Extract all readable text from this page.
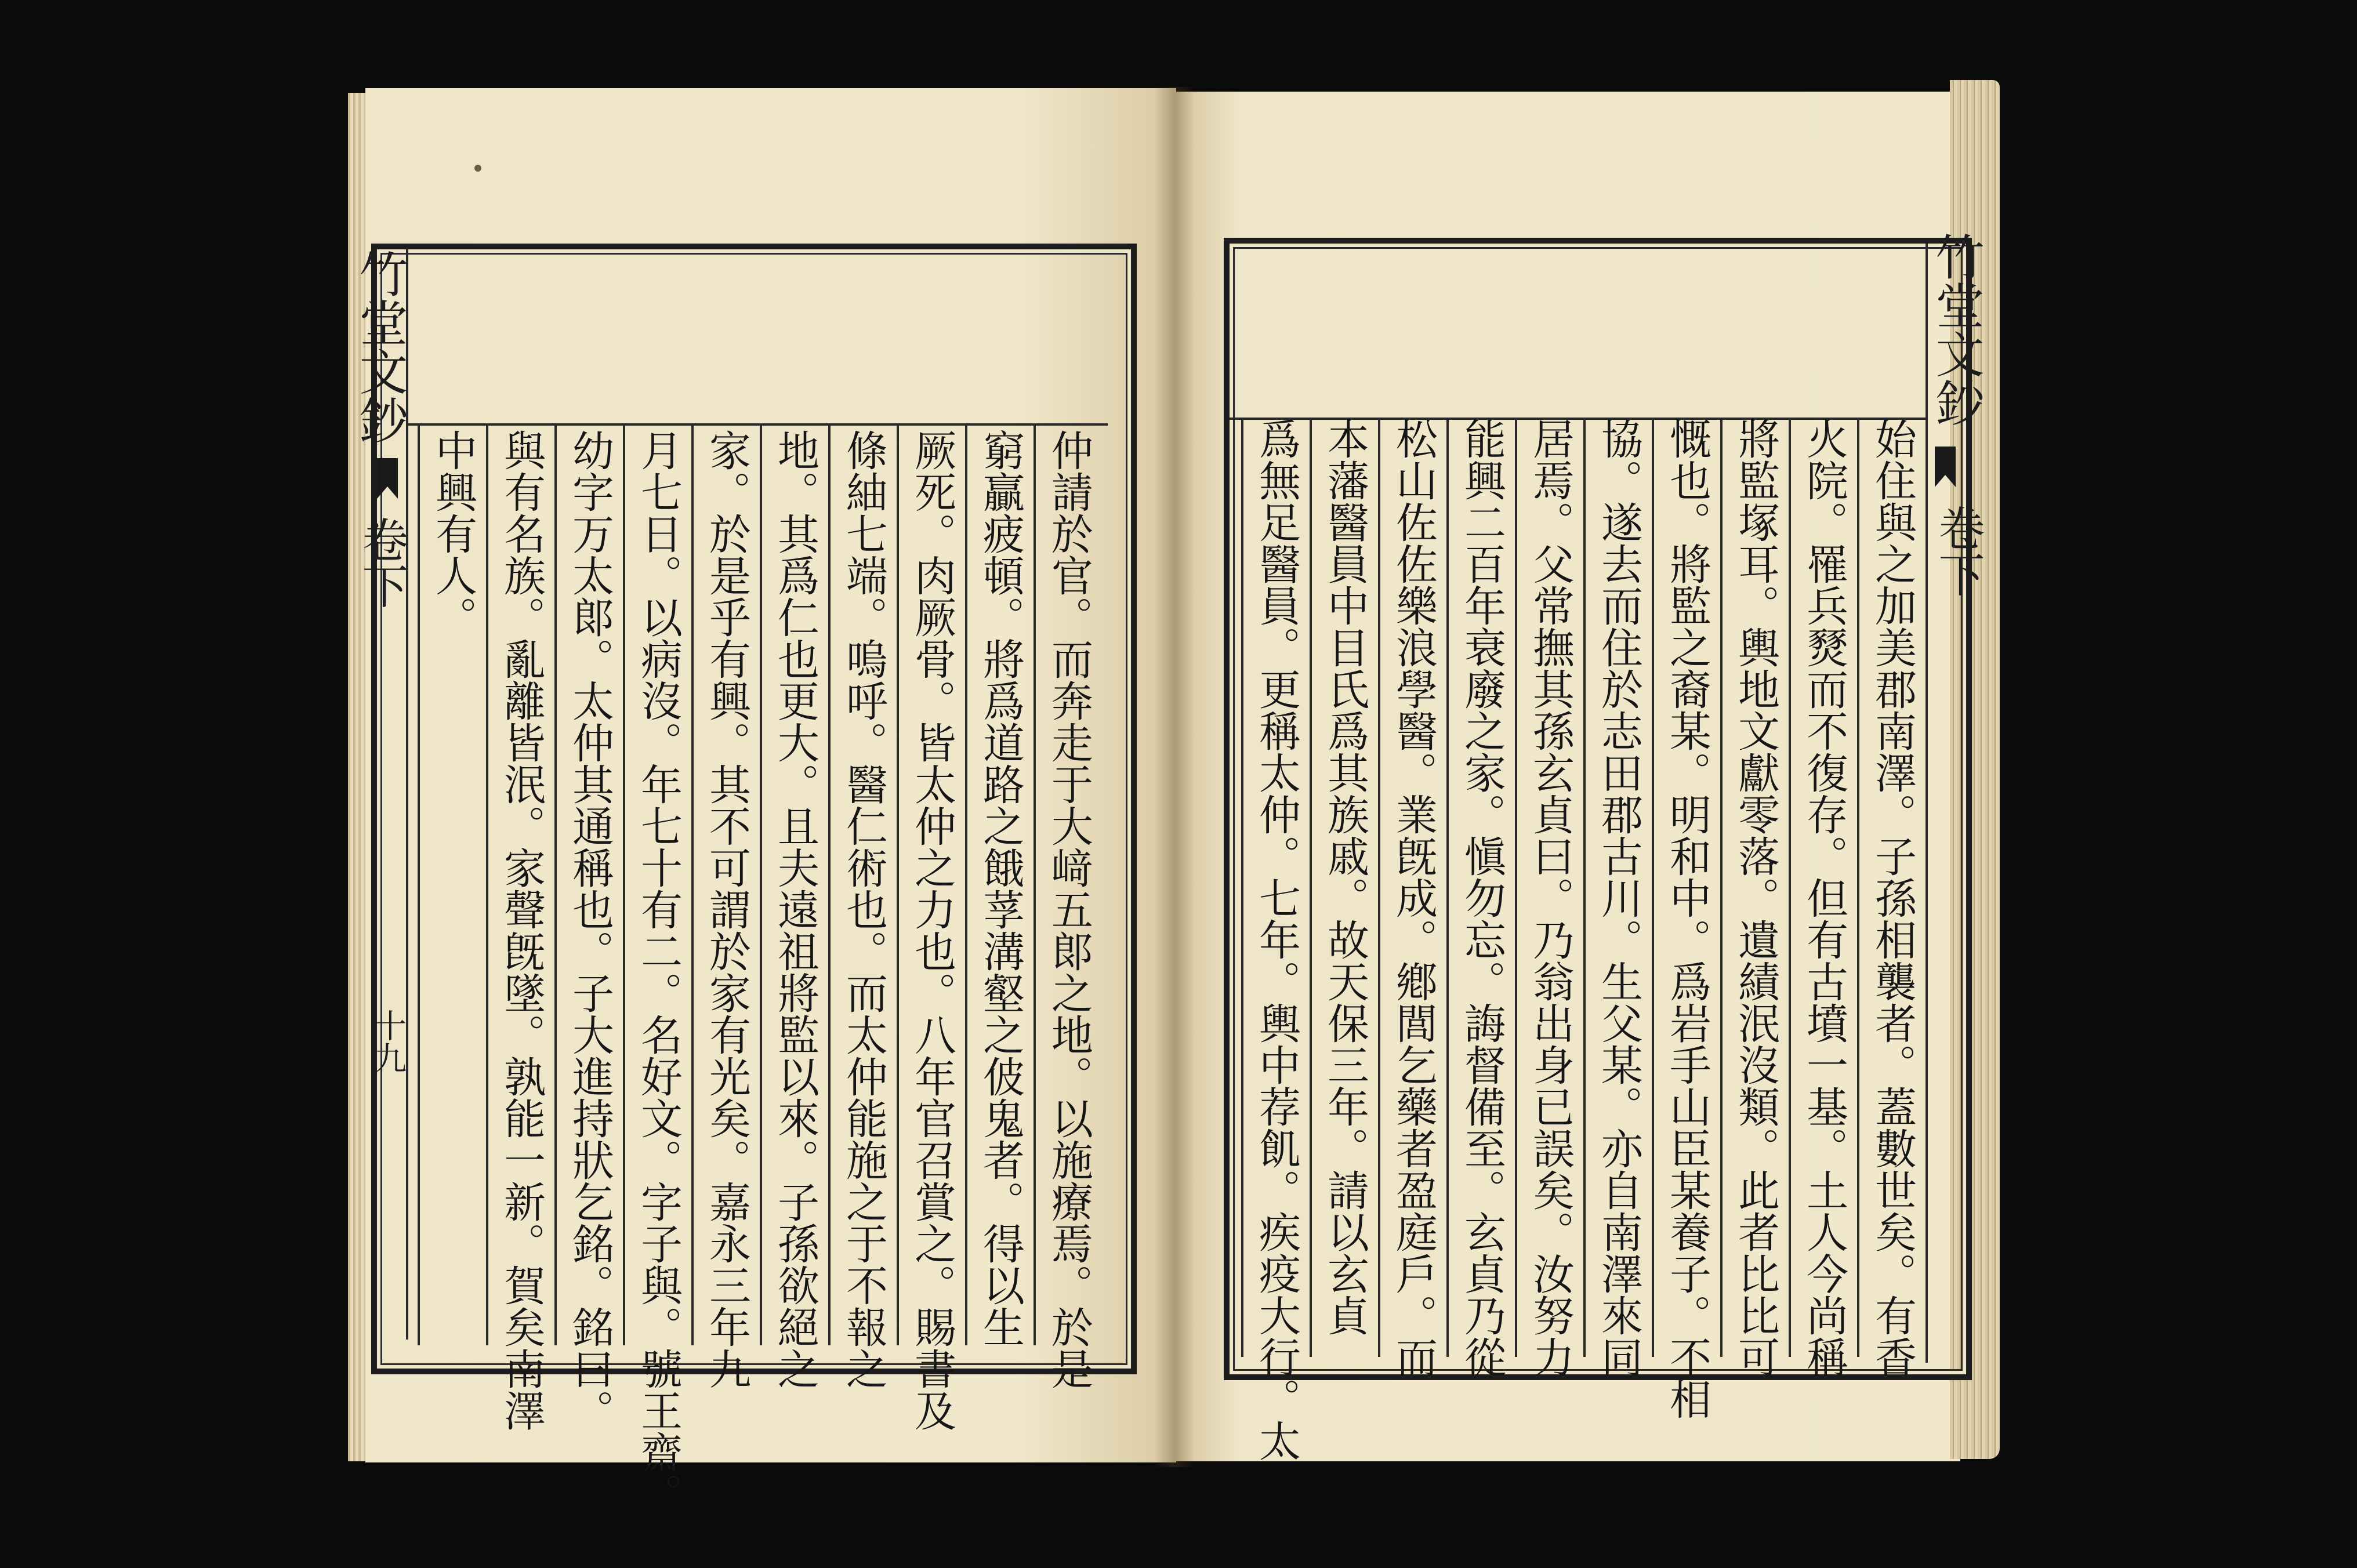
竹堂文鈔
卷下
十九	仲請於官。而奔走于大﨑五郞之地。以施療焉。於是
窮贏疲頓。將爲道路之餓莩溝壑之佊鬼者。得以生
厥死。肉厥骨。皆太仲之力也。八年官召賞之。賜書及
條紬七端。嗚呼。醫仁術也。而太仲能施之于不報之
地。其爲仁也更大。且夫遠祖將監以來。子孫欲絕之
家。於是乎有興。其不可謂於家有光矣。嘉永三年九
月七日。以病沒。年七十有二。名好文。字子與。號王齋。
幼字万太郞。太仲其通稱也。子大進持狀乞銘。銘曰。
與有名族。亂離皆泯。家聲旣墜。孰能一新。賀矣南澤
中興有人。
竹堂文鈔
卷下
始住與之加美郡南澤。子孫相襲者。蓋數世矣。有香
火院。罹兵燹而不復存。但有古墳一基。土人今尚稱
將監塚耳。輿地文獻零落。遺績泯沒類。此者比比可
慨也。將監之裔某。明和中。爲岩手山臣某養子。不相
協。遂去而住於志田郡古川。生父某。亦自南澤來同
居焉。父常撫其孫玄貞曰。乃翁出身已誤矣。汝努力
能興二百年衰廢之家。愼勿忘。誨督備至。玄貞乃從
松山佐佐樂浪學醫。業旣成。鄕閭乞藥者盈庭戶。而
本藩醫員中目氏爲其族戚。故天保三年。請以玄貞
爲無足醫員。更稱太仲。七年。輿中荐飢。疾疫大行。太
